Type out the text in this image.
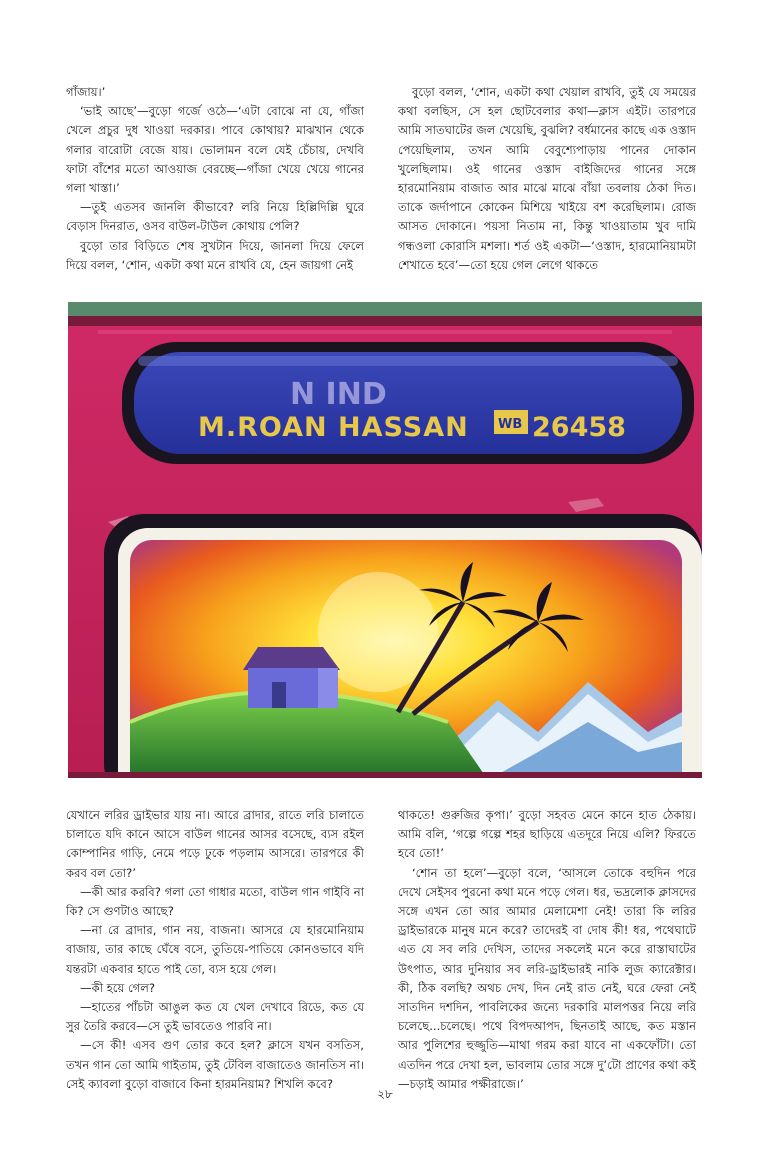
গাঁজায়।’

‘ভাই আছে’—বুড়ো গর্জে ওঠে—‘এটা বোঝে না যে, গাঁজা খেলে প্রচুর দুধ খাওয়া দরকার। পাবে কোথায়? মাঝখান থেকে গলার বারোটা বেজে যায়। ভোলামন বলে যেই চেঁচায়, দেখবি ফাটা বাঁশের মতো আওয়াজ বেরচ্ছে—গাঁজা খেয়ে খেয়ে গানের গলা খাস্তা।’

—তুই এতসব জানলি কীভাবে? লরি নিয়ে হিল্লিদিল্লি ঘুরে বেড়াস দিনরাত, ওসব বাউল-টাউল কোথায় পেলি?

বুড়ো তার বিড়িতে শেষ সুখটান দিয়ে, জানলা দিয়ে ফেলে দিয়ে বলল, ‘শোন, একটা কথা মনে রাখবি যে, হেন জায়গা নেই

বুড়ো বলল, ‘শোন, একটা কথা খেয়াল রাখবি, তুই যে সময়ের কথা বলছিস, সে হল ছোটবেলার কথা—ক্লাস এইট। তারপরে আমি সাতঘাটের জল খেয়েছি, বুঝলি? বর্ধমানের কাছে এক ওস্তাদ পেয়েছিলাম, তখন আমি বেবুশ্যেপাড়ায় পানের দোকান খুলেছিলাম। ওই গানের ওস্তাদ বাইজিদের গানের সঙ্গে হারমোনিয়াম বাজাত আর মাঝে মাঝে বাঁয়া তবলায় ঠেকা দিত। তাকে জর্দাপানে কোকেন মিশিয়ে খাইয়ে বশ করেছিলাম। রোজ আসত দোকানে। পয়সা নিতাম না, কিন্তু খাওয়াতাম খুব দামি গন্ধওলা কোরাসি মশলা। শর্ত ওই একটা—‘ওস্তাদ, হারমোনিয়ামটা শেখাতে হবে’—তো হয়ে গেল লেগে থাকতে

N IND
M.ROAN HASSAN WB 26458

যেখানে লরির ড্রাইভার যায় না। আরে ব্রাদার, রাতে লরি চালাতে চালাতে যদি কানে আসে বাউল গানের আসর বসেছে, ব্যস রইল কোম্পানির গাড়ি, নেমে পড়ে ঢুকে পড়লাম আসরে। তারপরে কী করব বল তো?’

—কী আর করবি? গলা তো গাধার মতো, বাউল গান গাইবি না কি? সে গুণটাও আছে?

—না রে ব্রাদার, গান নয়, বাজনা। আসরে যে হারমোনিয়াম বাজায়, তার কাছে ঘেঁষে বসে, তুতিয়ে-পাতিয়ে কোনওভাবে যদি যন্তরটা একবার হাতে পাই তো, ব্যস হয়ে গেল।

—কী হয়ে গেল?

—হাতের পাঁচটা আঙুল কত যে খেল দেখাবে রিডে, কত যে সুর তৈরি করবে—সে তুই ভাবতেও পারবি না।

—সে কী! এসব গুণ তোর কবে হল? ক্লাসে যখন বসতিস, তখন গান তো আমি গাইতাম, তুই টেবিল বাজাতেও জানতিস না। সেই ক্যাবলা বুড়ো বাজাবে কিনা হারমনিয়াম? শিখলি কবে?

থাকতে! গুরুজির কৃপা।’ বুড়ো সহবত মেনে কানে হাত ঠেকায়। আমি বলি, ‘গল্পে গল্পে শহর ছাড়িয়ে এতদূরে নিয়ে এলি? ফিরতে হবে তো!’

‘শোন তা হলে’—বুড়ো বলে, ‘আসলে তোকে বহুদিন পরে দেখে সেইসব পুরনো কথা মনে পড়ে গেল। ধর, ভদ্রলোক ক্লাসদের সঙ্গে এখন তো আর আমার মেলামেশা নেই! তারা কি লরির ড্রাইভারকে মানুষ মনে করে? তাদেরই বা দোষ কী! ধর, পথেঘাটে এত যে সব লরি দেখিস, তাদের সকলেই মনে করে রাস্তাঘাটের উৎপাত, আর দুনিয়ার সব লরি-ড্রাইভারই নাকি লুজ ক্যারেক্টার। কী, ঠিক বলছি? অথচ দেখ, দিন নেই রাত নেই, ঘরে ফেরা নেই সাতদিন দশদিন, পাবলিকের জন্যে দরকারি মালপত্তর নিয়ে লরি চলেছে...চলেছে। পথে বিপদআপদ, ছিনতাই আছে, কত মস্তান আর পুলিশের হুজ্জুতি—মাথা গরম করা যাবে না একফোঁটা। তো এতদিন পরে দেখা হল, ভাবলাম তোর সঙ্গে দু’টো প্রাণের কথা কই—চড়াই আমার পক্ষীরাজে।’

২৮
